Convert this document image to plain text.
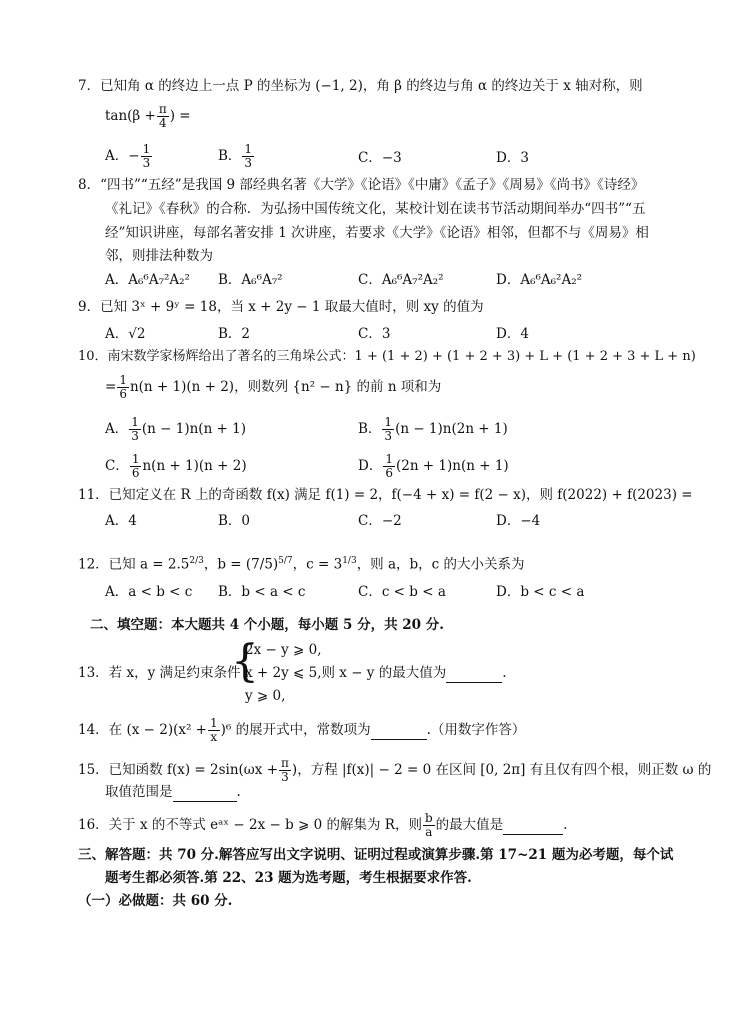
7．已知角 α 的终边上一点 P 的坐标为 (−1, 2)，角 β 的终边与角 α 的终边关于 x 轴对称，则
$\tan(\beta + \frac{\pi}{4}$ ) =
A．− $\frac{1}{3}$	B． $\frac{1}{3}$	C．−3	D．3
8．“四书”“五经”是我国 9 部经典名著《大学》《论语》《中庸》《孟子》《周易》《尚书》《诗经》
《礼记》《春秋》的合称．为弘扬中国传统文化，某校计划在读书节活动期间举办“四书”“五
经”知识讲座，每部名著安排 1 次讲座，若要求《大学》《论语》相邻，但都不与《周易》相
邻，则排法种数为
A．A₆⁶A₇²A₂² B．A₆⁶A₇²	C．A₆⁶A₇²A₂²	D．A₆⁶A₆²A₂²
9．已知 3ˣ + 9ʸ = 18，当 x + 2y − 1 取最大值时，则 xy 的值为
A．√2	B．2	C．3	D．4
10．南宋数学家杨辉给出了著名的三角垛公式：1 + (1 + 2) + (1 + 2 + 3) + L + (1 + 2 + 3 + L + n)
= $\frac{1}{6} n(n + 1)(n + 2)$，则数列 {n² − n} 的前 n 项和为
A． $\frac{1}{3} (n - 1)n(n + 1)$	B． $\frac{1}{3} (n - 1)n(2n + 1)$
C． $\frac{1}{6} n(n + 1)(n + 2)$	D． $\frac{1}{6} (2n + 1)n(n + 1)$
11．已知定义在 R 上的奇函数 f(x) 满足 f(1) = 2，f(−4 + x) = f(2 − x)，则 f(2022) + f(2023) =
A．4	B．0	C．−2	D．−4
12．已知 $a = 2.5^{2/3}$，$b = (7/5)^{5/7}$，$c = 3^{1/3}$，则 a，b，c 的大小关系为
A．a < b < c B．b < a < c	C．c < b < a	D．b < c < a
二、填空题：本大题共 4 个小题，每小题 5 分，共 20 分.
13．若 x，y 满足约束条件
{
2x − y ⩾ 0,
x + 2y ⩽ 5,则 x − y 的最大值为	.
y ⩾ 0,
14．在 $(x - 2)(x^2 + \frac{1}{x} )^6$ 的展开式中，常数项为	.（用数字作答）
15．已知函数 $f(x) = 2\sin(\omega x + \frac{\pi}{3}$ )，方程 |f(x)| − 2 = 0 在区间 [0, 2π] 有且仅有四个根，则正数 ω 的
取值范围是	.
16．关于 x 的不等式 eᵃˣ − 2x − b ⩾ 0 的解集为 R，则 $\frac{b}{a}$ 的最大值是	.
三、解答题：共 70 分.解答应写出文字说明、证明过程或演算步骤.第 17~21 题为必考题，每个试
题考生都必须答.第 22、23 题为选考题，考生根据要求作答.
（一）必做题：共 60 分.
